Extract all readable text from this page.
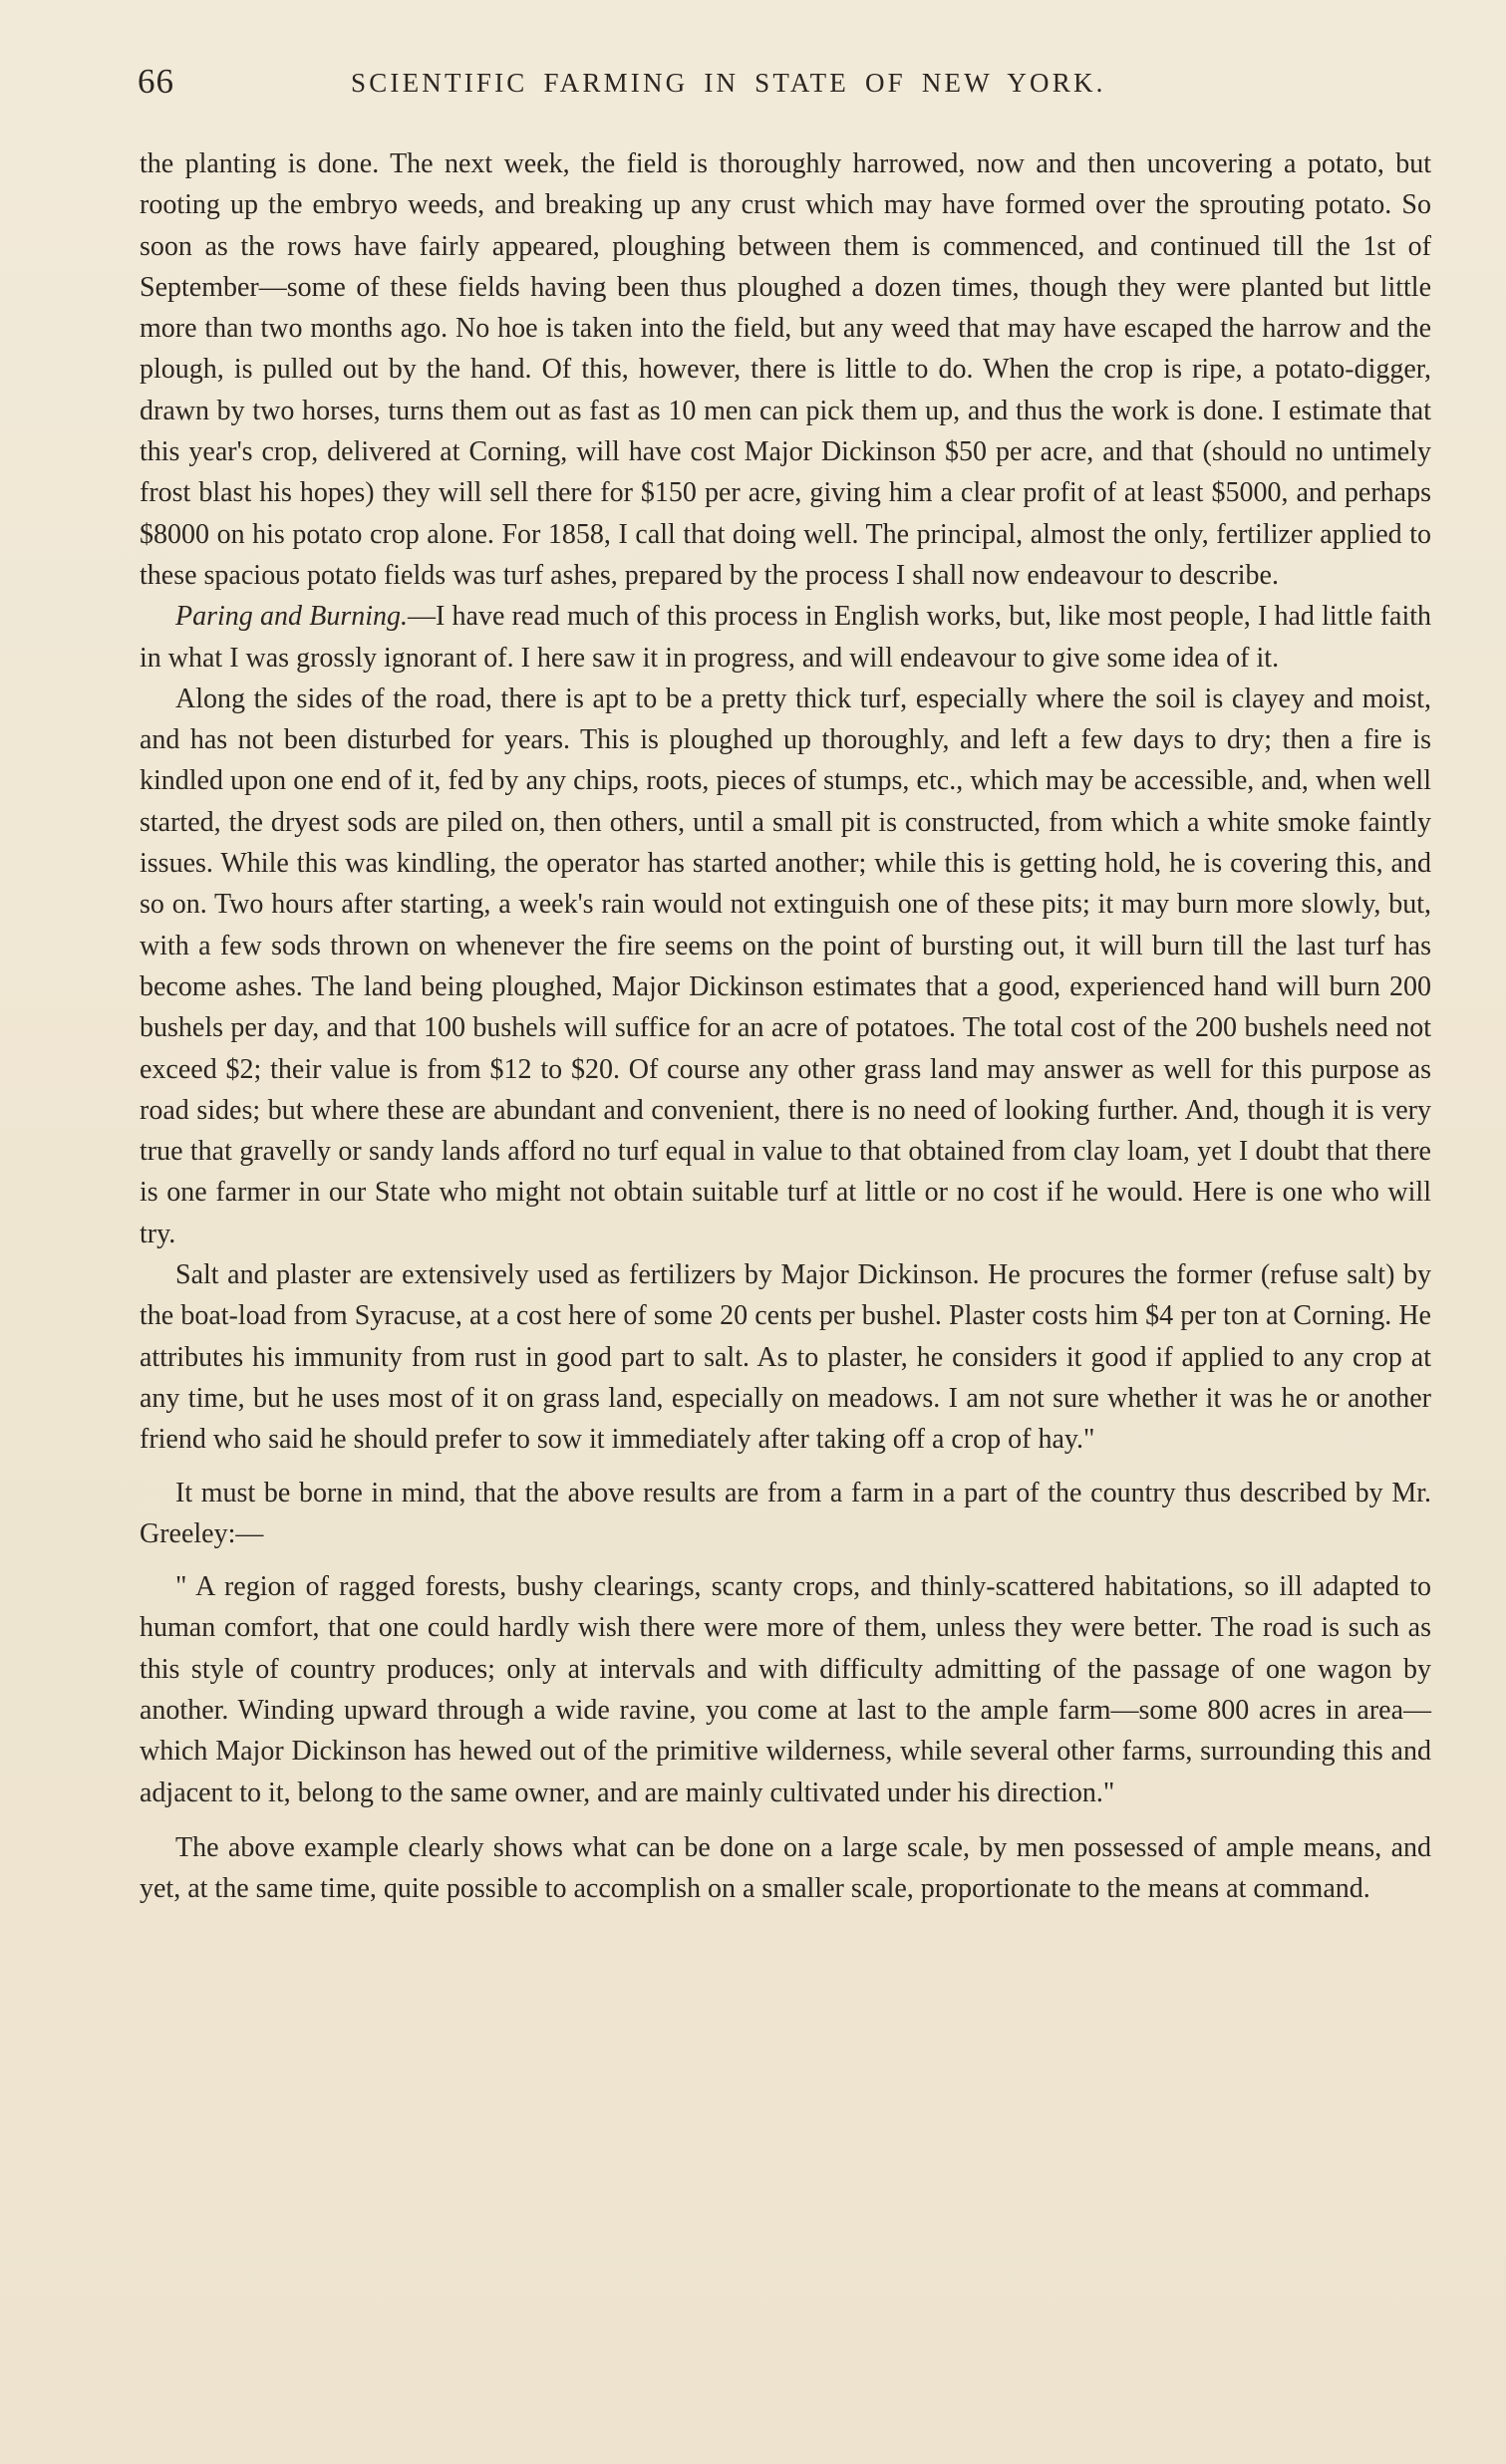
66	SCIENTIFIC FARMING IN STATE OF NEW YORK.

the planting is done. The next week, the field is thoroughly harrowed, now and then uncovering a potato, but rooting up the embryo weeds, and breaking up any crust which may have formed over the sprouting potato. So soon as the rows have fairly appeared, ploughing between them is commenced, and continued till the 1st of September—some of these fields having been thus ploughed a dozen times, though they were planted but little more than two months ago. No hoe is taken into the field, but any weed that may have escaped the harrow and the plough, is pulled out by the hand. Of this, however, there is little to do. When the crop is ripe, a potato-digger, drawn by two horses, turns them out as fast as 10 men can pick them up, and thus the work is done. I estimate that this year's crop, delivered at Corning, will have cost Major Dickinson $50 per acre, and that (should no untimely frost blast his hopes) they will sell there for $150 per acre, giving him a clear profit of at least $5000, and perhaps $8000 on his potato crop alone. For 1858, I call that doing well. The principal, almost the only, fertilizer applied to these spacious potato fields was turf ashes, prepared by the process I shall now endeavour to describe.

Paring and Burning.—I have read much of this process in English works, but, like most people, I had little faith in what I was grossly ignorant of. I here saw it in progress, and will endeavour to give some idea of it.

Along the sides of the road, there is apt to be a pretty thick turf, especially where the soil is clayey and moist, and has not been disturbed for years. This is ploughed up thoroughly, and left a few days to dry; then a fire is kindled upon one end of it, fed by any chips, roots, pieces of stumps, etc., which may be accessible, and, when well started, the dryest sods are piled on, then others, until a small pit is constructed, from which a white smoke faintly issues. While this was kindling, the operator has started another; while this is getting hold, he is covering this, and so on. Two hours after starting, a week's rain would not extinguish one of these pits; it may burn more slowly, but, with a few sods thrown on whenever the fire seems on the point of bursting out, it will burn till the last turf has become ashes. The land being ploughed, Major Dickinson estimates that a good, experienced hand will burn 200 bushels per day, and that 100 bushels will suffice for an acre of potatoes. The total cost of the 200 bushels need not exceed $2; their value is from $12 to $20. Of course any other grass land may answer as well for this purpose as road sides; but where these are abundant and convenient, there is no need of looking further. And, though it is very true that gravelly or sandy lands afford no turf equal in value to that obtained from clay loam, yet I doubt that there is one farmer in our State who might not obtain suitable turf at little or no cost if he would. Here is one who will try.

Salt and plaster are extensively used as fertilizers by Major Dickinson. He procures the former (refuse salt) by the boat-load from Syracuse, at a cost here of some 20 cents per bushel. Plaster costs him $4 per ton at Corning. He attributes his immunity from rust in good part to salt. As to plaster, he considers it good if applied to any crop at any time, but he uses most of it on grass land, especially on meadows. I am not sure whether it was he or another friend who said he should prefer to sow it immediately after taking off a crop of hay."

It must be borne in mind, that the above results are from a farm in a part of the country thus described by Mr. Greeley:—

" A region of ragged forests, bushy clearings, scanty crops, and thinly-scattered habitations, so ill adapted to human comfort, that one could hardly wish there were more of them, unless they were better. The road is such as this style of country produces; only at intervals and with difficulty admitting of the passage of one wagon by another. Winding upward through a wide ravine, you come at last to the ample farm—some 800 acres in area—which Major Dickinson has hewed out of the primitive wilderness, while several other farms, surrounding this and adjacent to it, belong to the same owner, and are mainly cultivated under his direction."

The above example clearly shows what can be done on a large scale, by men possessed of ample means, and yet, at the same time, quite possible to accomplish on a smaller scale, proportionate to the means at command.
